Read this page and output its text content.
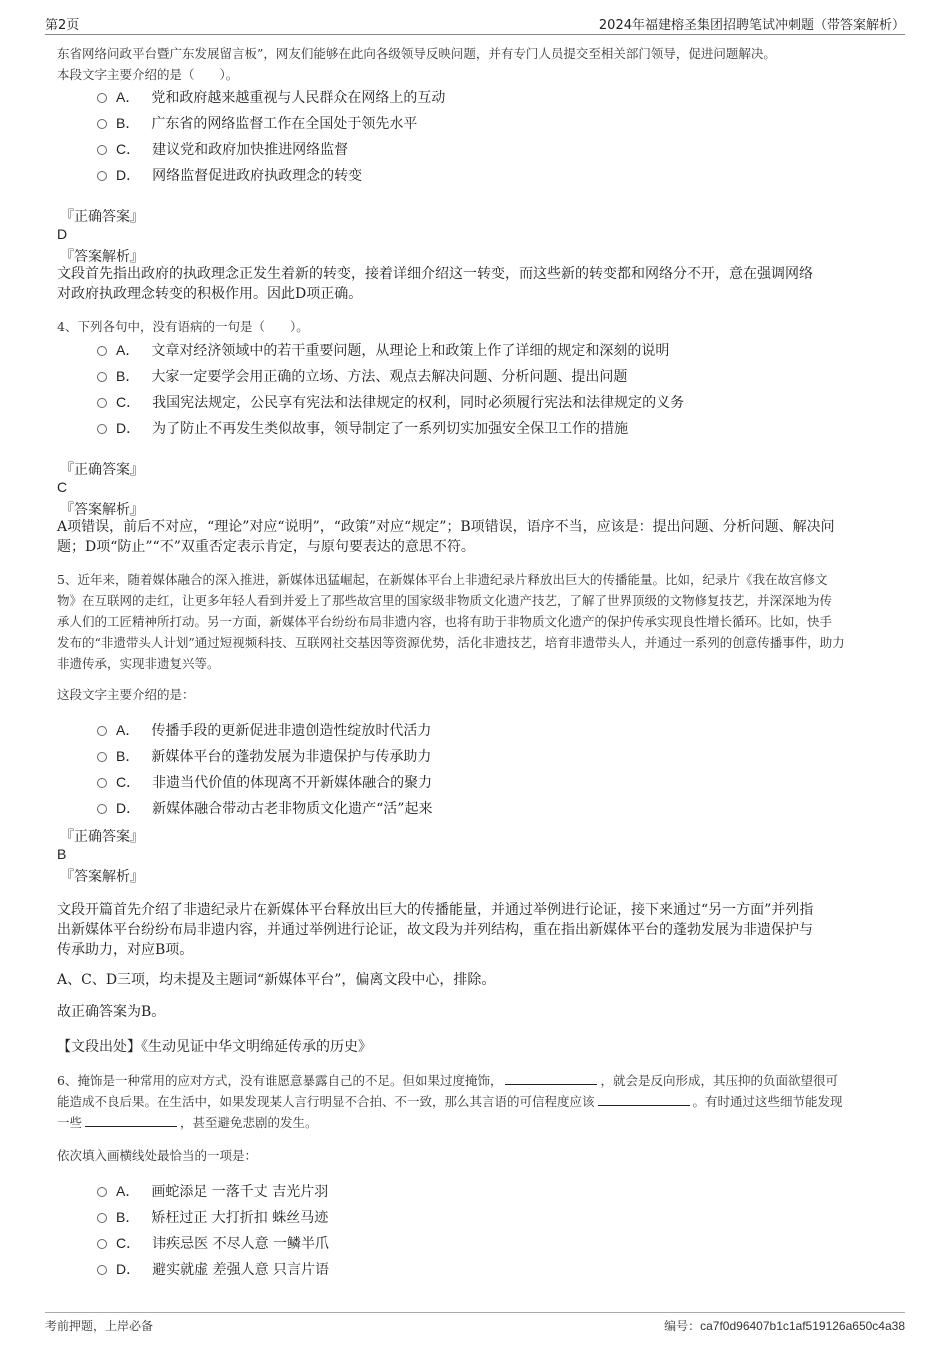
第2页	2024年福建榕圣集团招聘笔试冲刺题（带答案解析）
东省网络问政平台暨广东发展留言板”，网友们能够在此向各级领导反映问题，并有专门人员提交至相关部门领导，促进问题解决。
本段文字主要介绍的是（　　）。
A． 党和政府越来越重视与人民群众在网络上的互动
B． 广东省的网络监督工作在全国处于领先水平
C． 建议党和政府加快推进网络监督
D． 网络监督促进政府执政理念的转变
『正确答案』
D
『答案解析』
文段首先指出政府的执政理念正发生着新的转变，接着详细介绍这一转变，而这些新的转变都和网络分不开，意在强调网络
对政府执政理念转变的积极作用。因此D项正确。
4、下列各句中，没有语病的一句是（　　）。
A． 文章对经济领域中的若干重要问题，从理论上和政策上作了详细的规定和深刻的说明
B． 大家一定要学会用正确的立场、方法、观点去解决问题、分析问题、提出问题
C． 我国宪法规定，公民享有宪法和法律规定的权利，同时必须履行宪法和法律规定的义务
D． 为了防止不再发生类似故事，领导制定了一系列切实加强安全保卫工作的措施
『正确答案』
C
『答案解析』
A项错误，前后不对应，“理论”对应“说明”，“政策”对应“规定”；B项错误，语序不当，应该是：提出问题、分析问题、解决问
题；D项“防止”“不”双重否定表示肯定，与原句要表达的意思不符。
5、近年来，随着媒体融合的深入推进，新媒体迅猛崛起，在新媒体平台上非遗纪录片释放出巨大的传播能量。比如，纪录片《我在故宫修文
物》在互联网的走红，让更多年轻人看到并爱上了那些故宫里的国家级非物质文化遗产技艺，了解了世界顶级的文物修复技艺，并深深地为传
承人们的工匠精神所打动。另一方面，新媒体平台纷纷布局非遗内容，也将有助于非物质文化遗产的保护传承实现良性增长循环。比如，快手
发布的“非遗带头人计划”通过短视频科技、互联网社交基因等资源优势，活化非遗技艺，培育非遗带头人，并通过一系列的创意传播事件，助力
非遗传承，实现非遗复兴等。
这段文字主要介绍的是：
A． 传播手段的更新促进非遗创造性绽放时代活力
B． 新媒体平台的蓬勃发展为非遗保护与传承助力
C． 非遗当代价值的体现离不开新媒体融合的聚力
D． 新媒体融合带动古老非物质文化遗产“活”起来
『正确答案』
B
『答案解析』
文段开篇首先介绍了非遗纪录片在新媒体平台释放出巨大的传播能量，并通过举例进行论证，接下来通过“另一方面”并列指
出新媒体平台纷纷布局非遗内容，并通过举例进行论证，故文段为并列结构，重在指出新媒体平台的蓬勃发展为非遗保护与
传承助力，对应B项。
A、C、D三项，均未提及主题词“新媒体平台”，偏离文段中心，排除。
故正确答案为B。
【文段出处】《生动见证中华文明绵延传承的历史》
6、掩饰是一种常用的应对方式，没有谁愿意暴露自己的不足。但如果过度掩饰，	，就会是反向形成，其压抑的负面欲望很可
能造成不良后果。在生活中，如果发现某人言行明显不合拍、不一致，那么其言语的可信程度应该	。有时通过这些细节能发现
一些	，甚至避免悲剧的发生。
依次填入画横线处最恰当的一项是：
A． 画蛇添足 一落千丈 吉光片羽
B． 矫枉过正 大打折扣 蛛丝马迹
C． 讳疾忌医 不尽人意 一鳞半爪
D． 避实就虚 差强人意 只言片语
考前押题，上岸必备	编号：ca7f0d96407b1c1af519126a650c4a38
